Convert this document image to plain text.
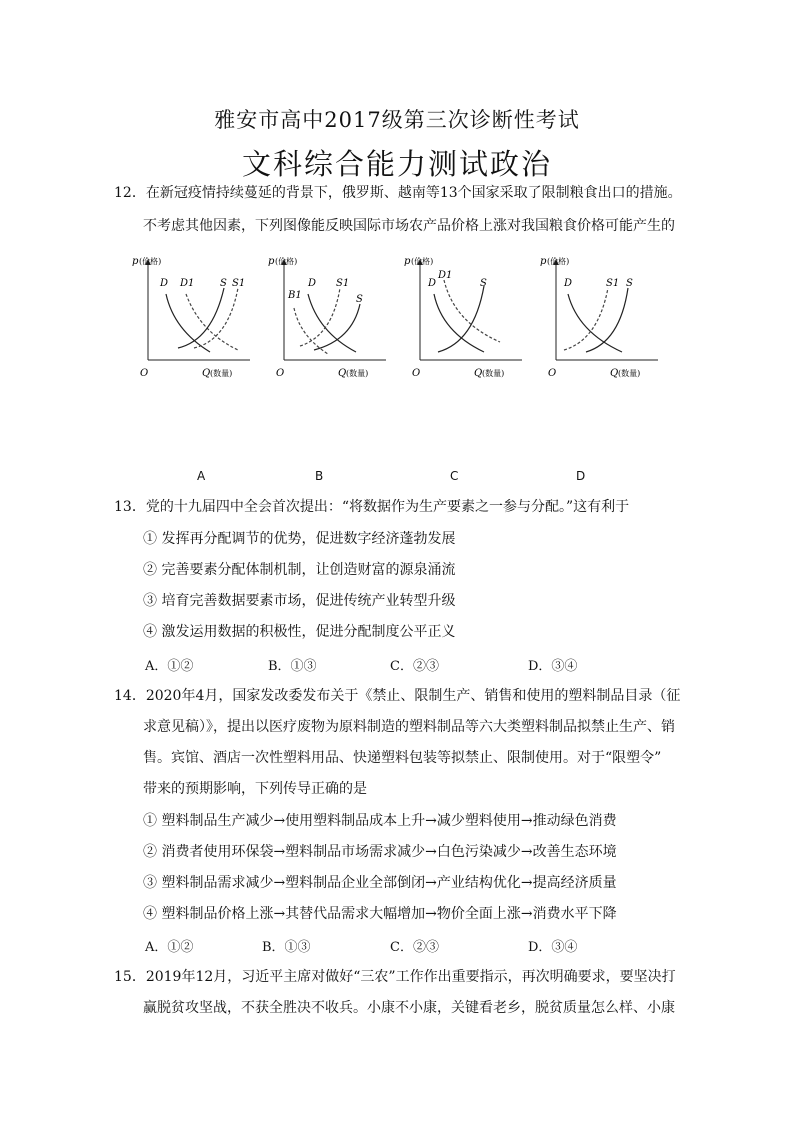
雅安市高中2017级第三次诊断性考试
文科综合能力测试政治
12．在新冠疫情持续蔓延的背景下，俄罗斯、越南等13个国家采取了限制粮食出口的措施。
不考虑其他因素，下列图像能反映国际市场农产品价格上涨对我国粮食价格可能产生的
p (价格)
O	Q (数量)
D D1	S S1
p (价格)
O	Q (数量)
B1
D S1
S
p (价格)
O	Q (数量)
D
D1
S
p (价格)
O	Q (数量)
D	S1 S
A	B	C	D
13．党的十九届四中全会首次提出：“将数据作为生产要素之一参与分配。”这有利于
① 发挥再分配调节的优势，促进数字经济蓬勃发展
② 完善要素分配体制机制，让创造财富的源泉涌流
③ 培育完善数据要素市场，促进传统产业转型升级
④ 激发运用数据的积极性，促进分配制度公平正义
A．①②	B．①③	C．②③	D．③④
14．2020年4月，国家发改委发布关于《禁止、限制生产、销售和使用的塑料制品目录（征
求意见稿）》，提出以医疗废物为原料制造的塑料制品等六大类塑料制品拟禁止生产、销
售。宾馆、酒店一次性塑料用品、快递塑料包装等拟禁止、限制使用。对于“限塑令”
带来的预期影响，下列传导正确的是
① 塑料制品生产减少→使用塑料制品成本上升→减少塑料使用→推动绿色消费
② 消费者使用环保袋→塑料制品市场需求减少→白色污染减少→改善生态环境
③ 塑料制品需求减少→塑料制品企业全部倒闭→产业结构优化→提高经济质量
④ 塑料制品价格上涨→其替代品需求大幅增加→物价全面上涨→消费水平下降
A．①②	B．①③	C．②③	D．③④
15．2019年12月，习近平主席对做好“三农”工作作出重要指示，再次明确要求，要坚决打
赢脱贫攻坚战，不获全胜决不收兵。小康不小康，关键看老乡，脱贫质量怎么样、小康
